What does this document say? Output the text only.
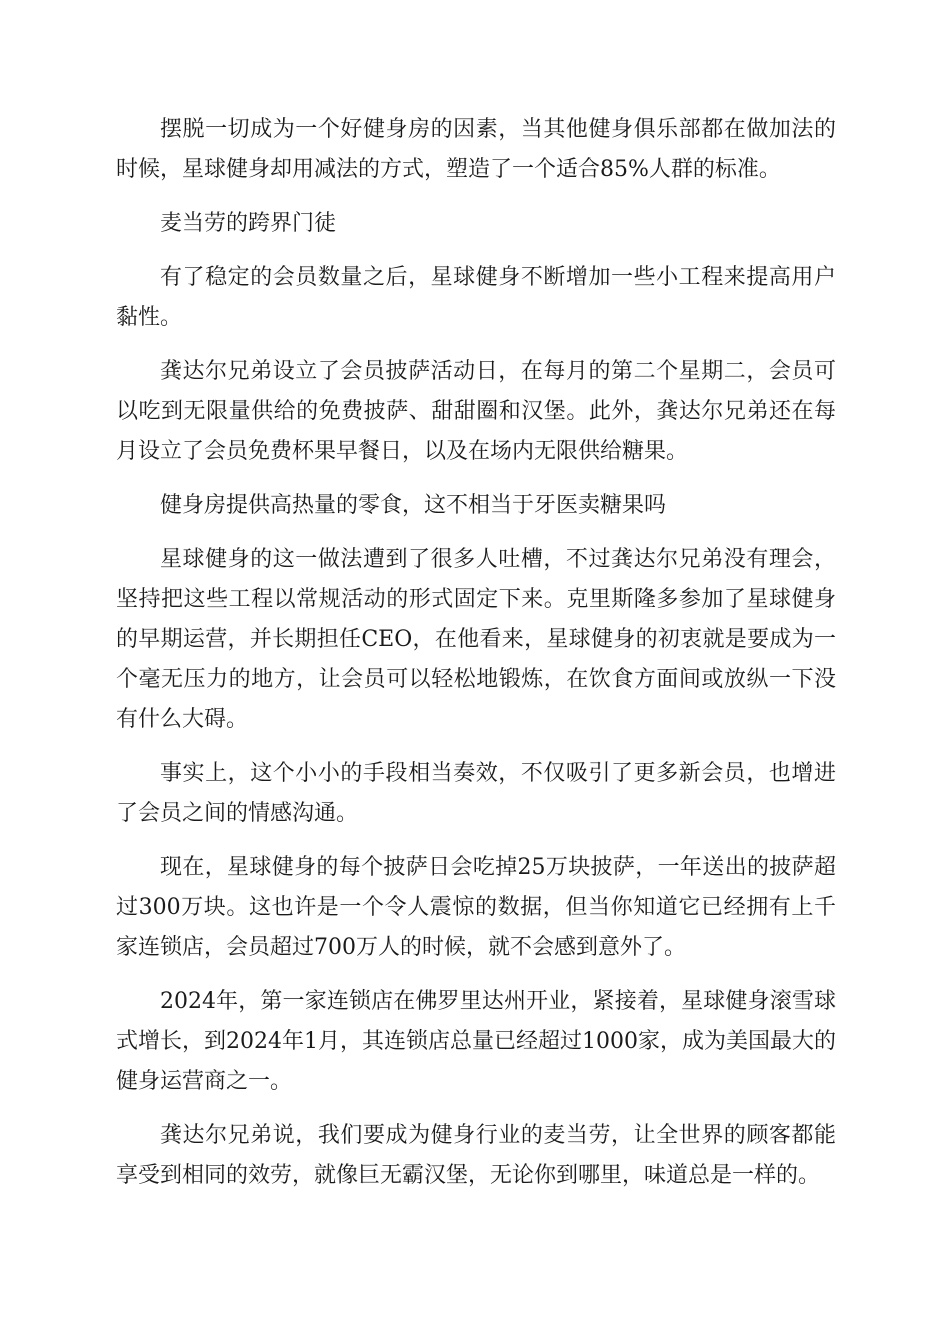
摆脱一切成为一个好健身房的因素，当其他健身俱乐部都在做加法的时候，星球健身却用减法的方式，塑造了一个适合85%人群的标准。

麦当劳的跨界门徒

有了稳定的会员数量之后，星球健身不断增加一些小工程来提高用户黏性。

龚达尔兄弟设立了会员披萨活动日，在每月的第二个星期二，会员可以吃到无限量供给的免费披萨、甜甜圈和汉堡。此外，龚达尔兄弟还在每月设立了会员免费杯果早餐日，以及在场内无限供给糖果。

健身房提供高热量的零食，这不相当于牙医卖糖果吗

星球健身的这一做法遭到了很多人吐槽，不过龚达尔兄弟没有理会，坚持把这些工程以常规活动的形式固定下来。克里斯隆多参加了星球健身的早期运营，并长期担任CEO，在他看来，星球健身的初衷就是要成为一个毫无压力的地方，让会员可以轻松地锻炼，在饮食方面间或放纵一下没有什么大碍。

事实上，这个小小的手段相当奏效，不仅吸引了更多新会员，也增进了会员之间的情感沟通。

现在，星球健身的每个披萨日会吃掉25万块披萨，一年送出的披萨超过300万块。这也许是一个令人震惊的数据，但当你知道它已经拥有上千家连锁店，会员超过700万人的时候，就不会感到意外了。

2024年，第一家连锁店在佛罗里达州开业，紧接着，星球健身滚雪球式增长，到2024年1月，其连锁店总量已经超过1000家，成为美国最大的健身运营商之一。

龚达尔兄弟说，我们要成为健身行业的麦当劳，让全世界的顾客都能享受到相同的效劳，就像巨无霸汉堡，无论你到哪里，味道总是一样的。
